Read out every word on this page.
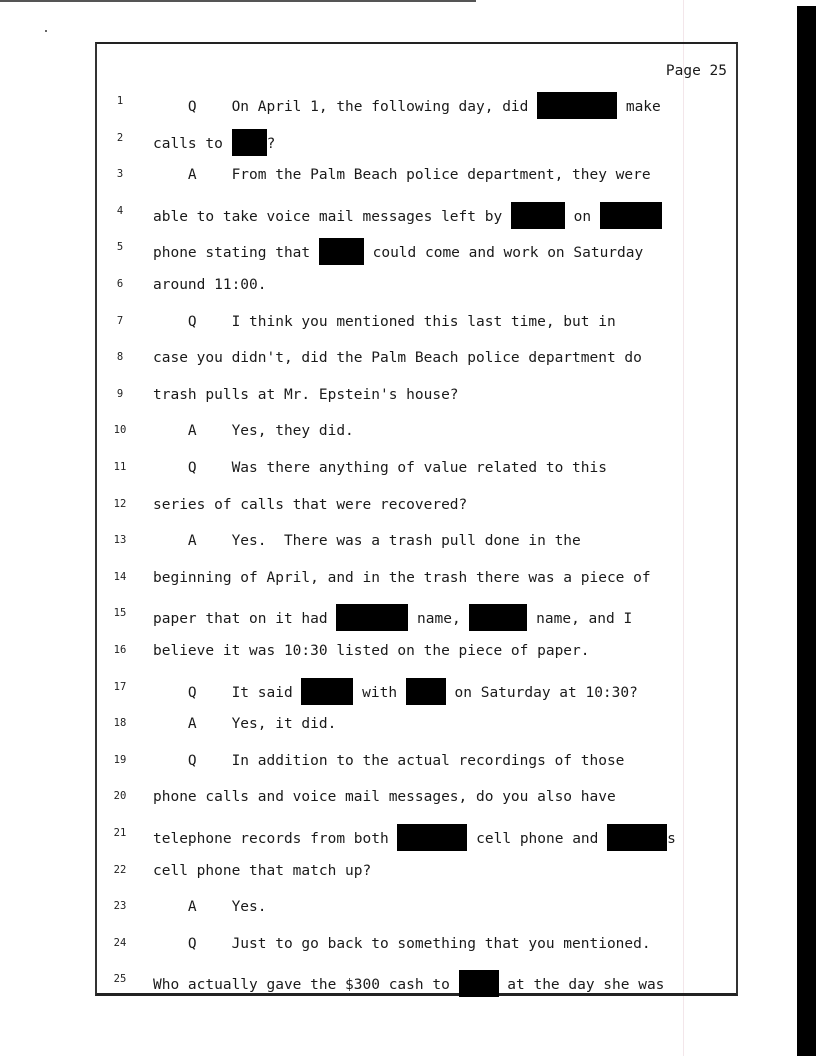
Page 25
1 Q    On April 1, the following day, did	make
2 calls to ?
3 A    From the Palm Beach police department, they were
4 able to take voice mail messages left by	on
5 phone stating that	could come and work on Saturday
6 around 11:00.
7 Q    I think you mentioned this last time, but in
8 case you didn't, did the Palm Beach police department do
9 trash pulls at Mr. Epstein's house?
10 A    Yes, they did.
11 Q    Was there anything of value related to this
12 series of calls that were recovered?
13 A    Yes.  There was a trash pull done in the
14 beginning of April, and in the trash there was a piece of
15 paper that on it had	name,	name, and I
16 believe it was 10:30 listed on the piece of paper.
17 Q    It said	with	on Saturday at 10:30?
18 A    Yes, it did.
19 Q    In addition to the actual recordings of those
20 phone calls and voice mail messages, do you also have
21 telephone records from both	cell phone and	s
22 cell phone that match up?
23 A    Yes.
24 Q    Just to go back to something that you mentioned.
25 Who actually gave the $300 cash to	at the day she was
